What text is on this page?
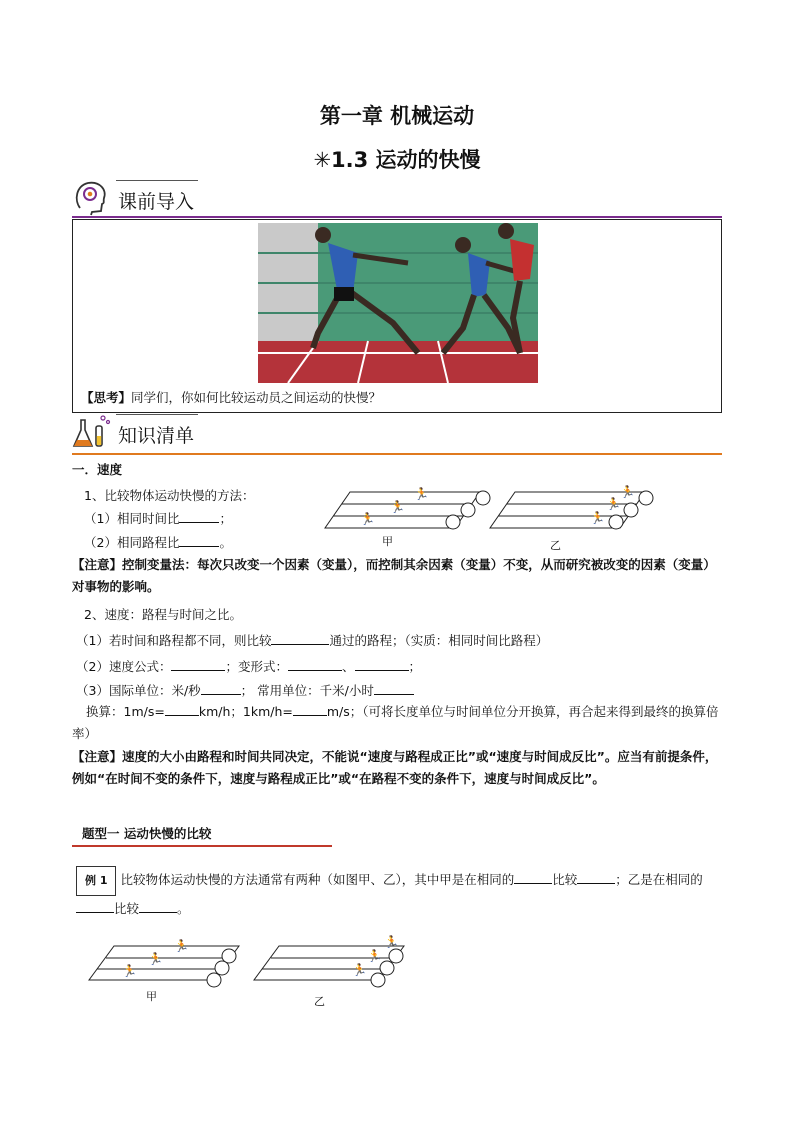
第一章 机械运动
✳1.3 运动的快慢
课前导入
【思考】同学们，你如何比较运动员之间运动的快慢？
知识清单
一．速度
1、比较物体运动快慢的方法：
（1）相同时间比	；
（2）相同路程比	。
🏃
🏃
🏃
🏃
🏃
🏃
甲	乙
【注意】控制变量法：每次只改变一个因素（变量），而控制其余因素（变量）不变，从而研究被改变的因素（变量）对事物的影响。
2、速度：路程与时间之比。
（1）若时间和路程都不同，则比较	通过的路程；（实质：相同时间比路程）
（2）速度公式：	；变形式：	、	；
（3）国际单位：米/秒	； 常用单位：千米/小时
换算：1m/s=	km/h；1km/h=	m/s；（可将长度单位与时间单位分开换算，再合起来得到最终的换算倍率）
【注意】速度的大小由路程和时间共同决定，不能说“速度与路程成正比”或“速度与时间成反比”。应当有前提条件，例如“在时间不变的条件下，速度与路程成正比”或“在路程不变的条件下，速度与时间成反比”。
题型一 运动快慢的比较
例 1 比较物体运动快慢的方法通常有两种（如图甲、乙），其中甲是在相同的	比较	；乙是在相同的比较	。
🏃
🏃
🏃
🏃
🏃
🏃
甲	乙
